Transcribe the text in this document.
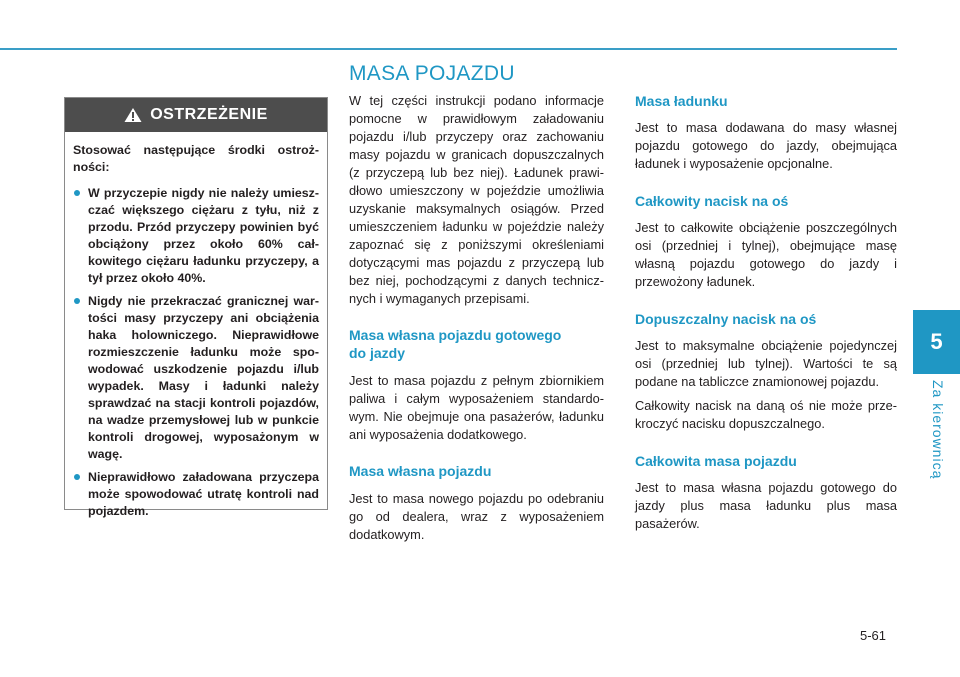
MASA POJAZDU
OSTRZEŻENIE

Stosować następujące środki ostrożności:

W przyczepie nigdy nie należy umieszczać większego ciężaru z tyłu, niż z przodu. Przód przyczepy powinien być obciążony przez około 60% całkowitego ciężaru ładunku przyczepy, a tył przez około 40%.
Nigdy nie przekraczać granicznej wartości masy przyczepy ani obciążenia haka holowniczego. Nieprawidłowe rozmieszczenie ładunku może spowodować uszkodzenie pojazdu i/lub wypadek. Masy i ładunki należy sprawdzać na stacji kontroli pojazdów, na wadze przemysłowej lub w punkcie kontroli drogowej, wyposażonym w wagę.
Nieprawidłowo załadowana przyczepa może spowodować utratę kontroli nad pojazdem.

W tej części instrukcji podano informacje pomocne w prawidłowym załadowaniu pojazdu i/lub przyczepy oraz zachowaniu masy pojazdu w granicach dopuszczalnych (z przyczepą lub bez niej). Ładunek prawidłowo umieszczony w pojeździe umożliwia uzyskanie maksymalnych osiągów. Przed umieszczeniem ładunku w pojeździe należy zapoznać się z poniższymi określeniami dotyczącymi mas pojazdu z przyczepą lub bez niej, pochodzącymi z danych technicznych i wymaganych przepisami.

Masa własna pojazdu gotowego
do jazdy

Jest to masa pojazdu z pełnym zbiornikiem paliwa i całym wyposażeniem standardowym. Nie obejmuje ona pasażerów, ładunku ani wyposażenia dodatkowego.

Masa własna pojazdu

Jest to masa nowego pojazdu po odebraniu go od dealera, wraz z wyposażeniem dodatkowym.

Masa ładunku

Jest to masa dodawana do masy własnej pojazdu gotowego do jazdy, obejmująca ładunek i wyposażenie opcjonalne.

Całkowity nacisk na oś

Jest to całkowite obciążenie poszczególnych osi (przedniej i tylnej), obejmujące masę własną pojazdu gotowego do jazdy i przewożony ładunek.

Dopuszczalny nacisk na oś

Jest to maksymalne obciążenie pojedynczej osi (przedniej lub tylnej). Wartości te są podane na tabliczce znamionowej pojazdu.

Całkowity nacisk na daną oś nie może przekroczyć nacisku dopuszczalnego.

Całkowita masa pojazdu

Jest to masa własna pojazdu gotowego do jazdy plus masa ładunku plus masa pasażerów.

5
Za kierownicą
5-61
